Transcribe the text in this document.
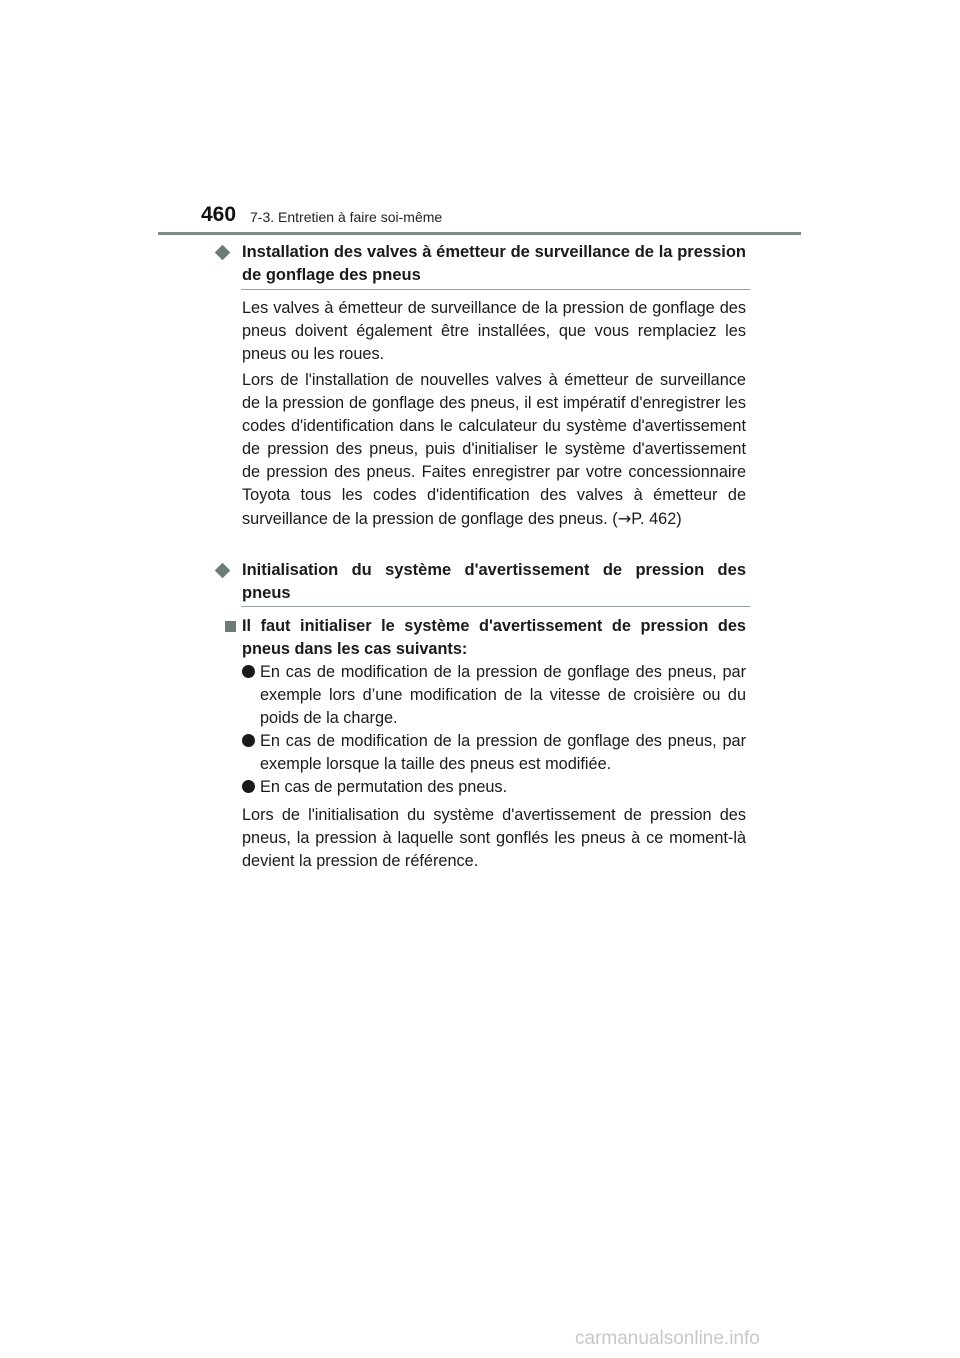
460 7-3. Entretien à faire soi-même
Installation des valves à émetteur de surveillance de la pression de gonflage des pneus

Les valves à émetteur de surveillance de la pression de gonflage des pneus doivent également être installées, que vous remplaciez les pneus ou les roues.

Lors de l'installation de nouvelles valves à émetteur de surveillance de la pression de gonflage des pneus, il est impératif d'enregistrer les codes d'identification dans le calculateur du système d'avertissement de pression des pneus, puis d'initialiser le système d'avertissement de pression des pneus. Faites enregistrer par votre concessionnaire Toyota tous les codes d'identification des valves à émetteur de surveillance de la pression de gonflage des pneus. (→P. 462)

Initialisation du système d'avertissement de pression des pneus
Il faut initialiser le système d'avertissement de pression des pneus dans les cas suivants:
En cas de modification de la pression de gonflage des pneus, par exemple lors d’une modification de la vitesse de croisière ou du poids de la charge.
En cas de modification de la pression de gonflage des pneus, par exemple lorsque la taille des pneus est modifiée.
En cas de permutation des pneus.

Lors de l'initialisation du système d'avertissement de pression des pneus, la pression à laquelle sont gonflés les pneus à ce moment-là devient la pression de référence.

carmanualsonline.info
